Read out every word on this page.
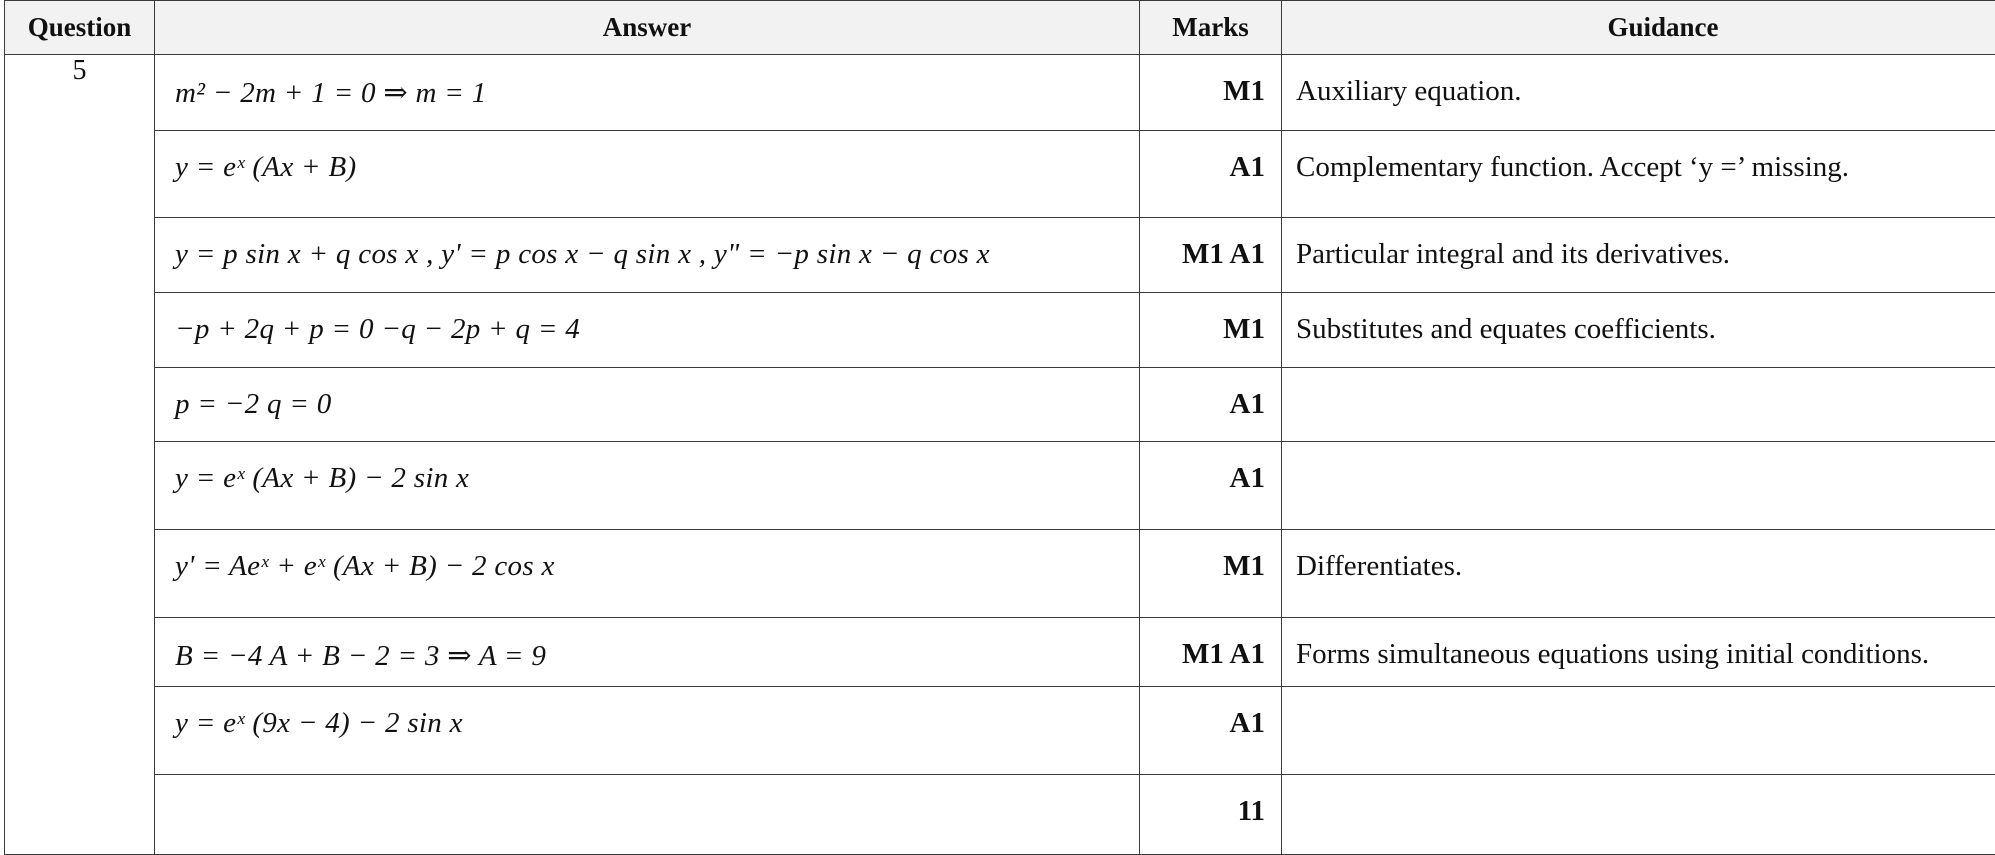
Question	Answer	Marks	Guidance
5	m² − 2m + 1 = 0 ⇒ m = 1	M1	Auxiliary equation.

	y = eˣ (Ax + B)	A1	Complementary function. Accept ‘y =’ missing.

	y = p sin x + q cos x , y' = p cos x − q sin x , y" = −p sin x − q cos x	M1 A1	Particular integral and its derivatives.

	−p + 2q + p = 0 −q − 2p + q = 4	M1	Substitutes and equates coefficients.

	p = −2 q = 0	A1	

	y = eˣ (Ax + B) − 2 sin x	A1	

	y' = Aeˣ + eˣ (Ax + B) − 2 cos x	M1	Differentiates.

	B = −4 A + B − 2 = 3 ⇒ A = 9	M1 A1	Forms simultaneous equations using initial conditions.

	y = eˣ (9x − 4) − 2 sin x	A1	

		11	
